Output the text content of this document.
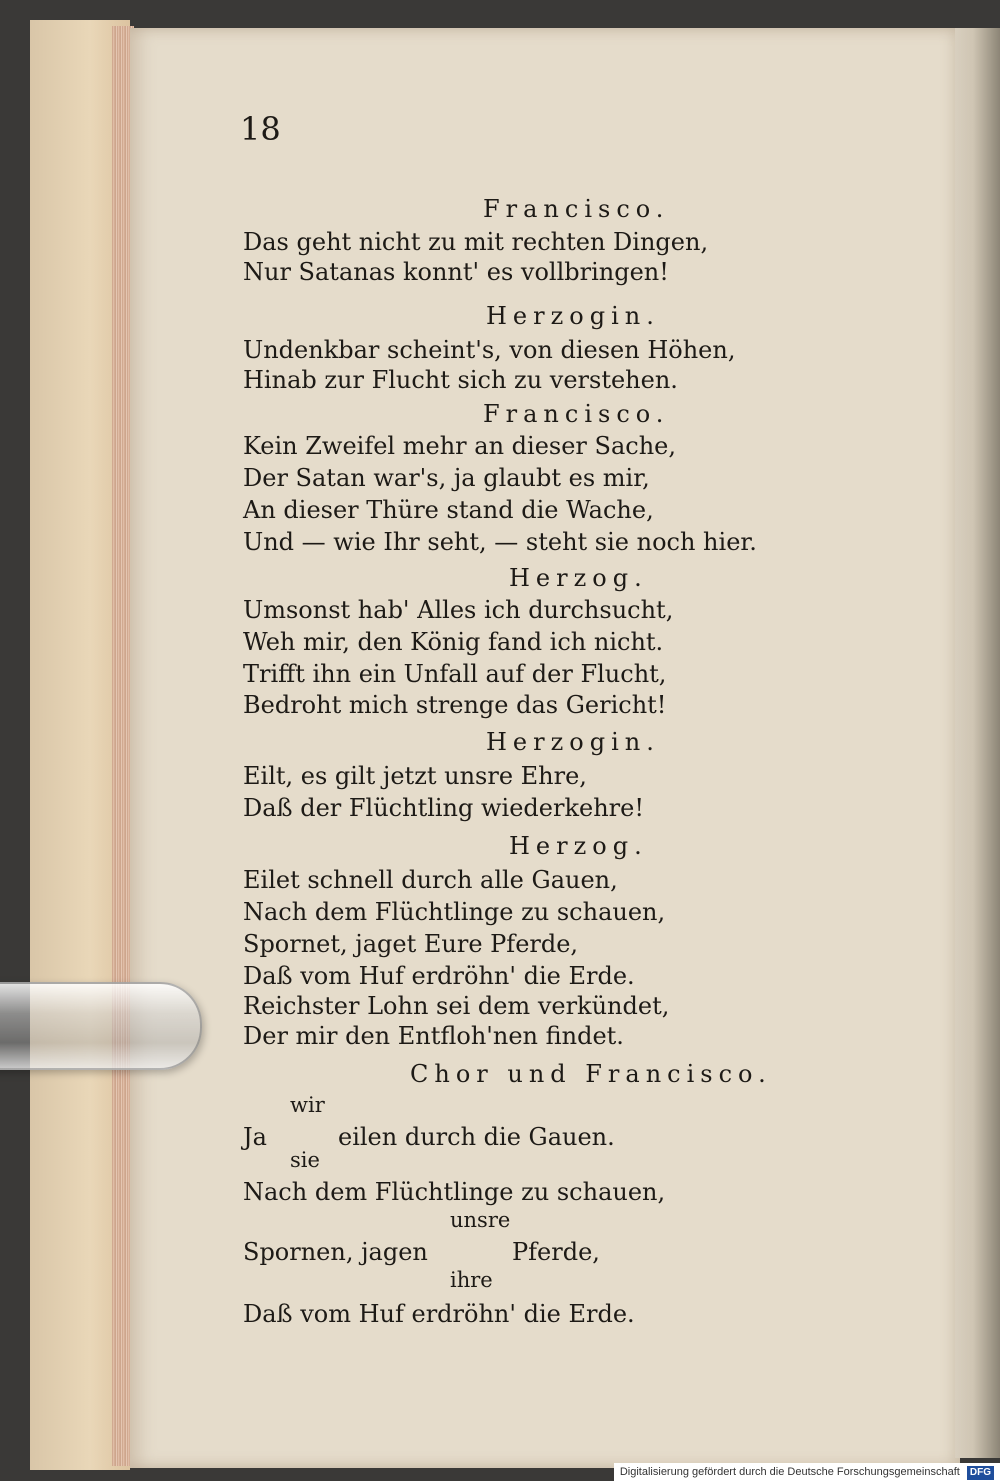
18
Francisco.
Das geht nicht zu mit rechten Dingen,
Nur Satanas konnt' es vollbringen!
Herzogin.
Undenkbar scheint's, von diesen Höhen,
Hinab zur Flucht sich zu verstehen.
Francisco.
Kein Zweifel mehr an dieser Sache,
Der Satan war's, ja glaubt es mir,
An dieser Thüre stand die Wache,
Und — wie Ihr seht, — steht sie noch hier.
Herzog.
Umsonst hab' Alles ich durchsucht,
Weh mir, den König fand ich nicht.
Trifft ihn ein Unfall auf der Flucht,
Bedroht mich strenge das Gericht!
Herzogin.
Eilt, es gilt jetzt unsre Ehre,
Daß der Flüchtling wiederkehre!
Herzog.
Eilet schnell durch alle Gauen,
Nach dem Flüchtlinge zu schauen,
Spornet, jaget Eure Pferde,
Daß vom Huf erdröhn' die Erde.
Reichster Lohn sei dem verkündet,
Der mir den Entfloh'nen findet.
Chor und Francisco.
wir
Ja	eilen durch die Gauen.
sie
Nach dem Flüchtlinge zu schauen,
unsre
Spornen, jagen	Pferde,
ihre
Daß vom Huf erdröhn' die Erde.
Digitalisierung gefördert durch die Deutsche Forschungsgemeinschaft DFG
